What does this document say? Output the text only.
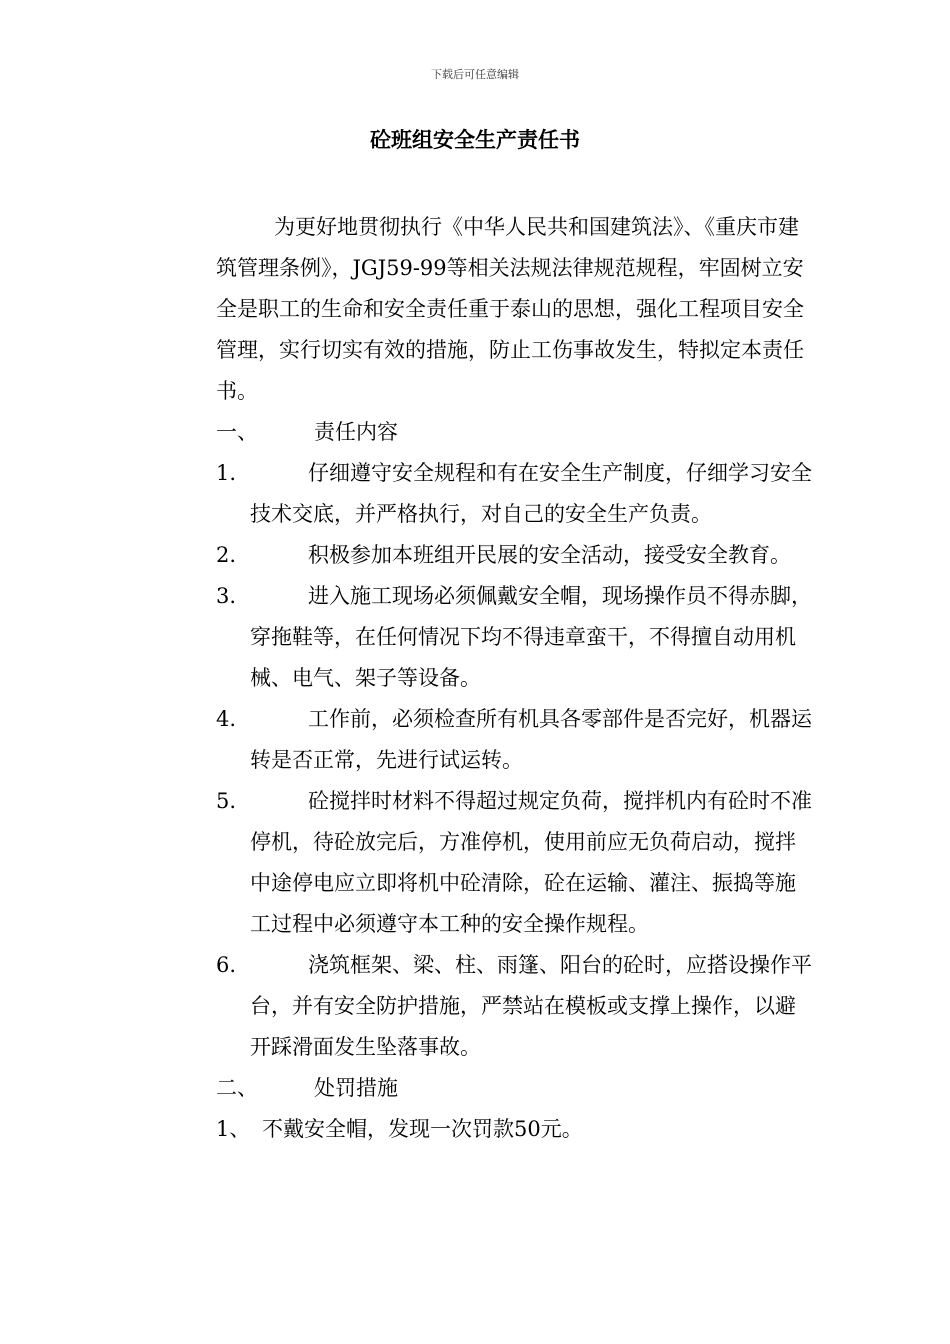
下载后可任意编辑
砼班组安全生产责任书

为更好地贯彻执行《中华人民共和国建筑法》、《重庆市建筑管理条例》，JGJ59-99等相关法规法律规范规程，牢固树立安全是职工的生命和安全责任重于泰山的思想，强化工程项目安全管理，实行切实有效的措施，防止工伤事故发生，特拟定本责任书。

一、	责任内容
1.	仔细遵守安全规程和有在安全生产制度，仔细学习安全技术交底，并严格执行，对自己的安全生产负责。
2.	积极参加本班组开民展的安全活动，接受安全教育。
3.	进入施工现场必须佩戴安全帽，现场操作员不得赤脚，穿拖鞋等，在任何情况下均不得违章蛮干，不得擅自动用机械、电气、架子等设备。
4.	工作前，必须检查所有机具各零部件是否完好，机器运转是否正常，先进行试运转。
5.	砼搅拌时材料不得超过规定负荷，搅拌机内有砼时不准停机，待砼放完后，方准停机，使用前应无负荷启动，搅拌中途停电应立即将机中砼清除，砼在运输、灌注、振捣等施工过程中必须遵守本工种的安全操作规程。
6.	浇筑框架、梁、柱、雨篷、阳台的砼时，应搭设操作平台，并有安全防护措施，严禁站在模板或支撑上操作，以避开踩滑面发生坠落事故。
二、	处罚措施
1、 不戴安全帽，发现一次罚款50元。
